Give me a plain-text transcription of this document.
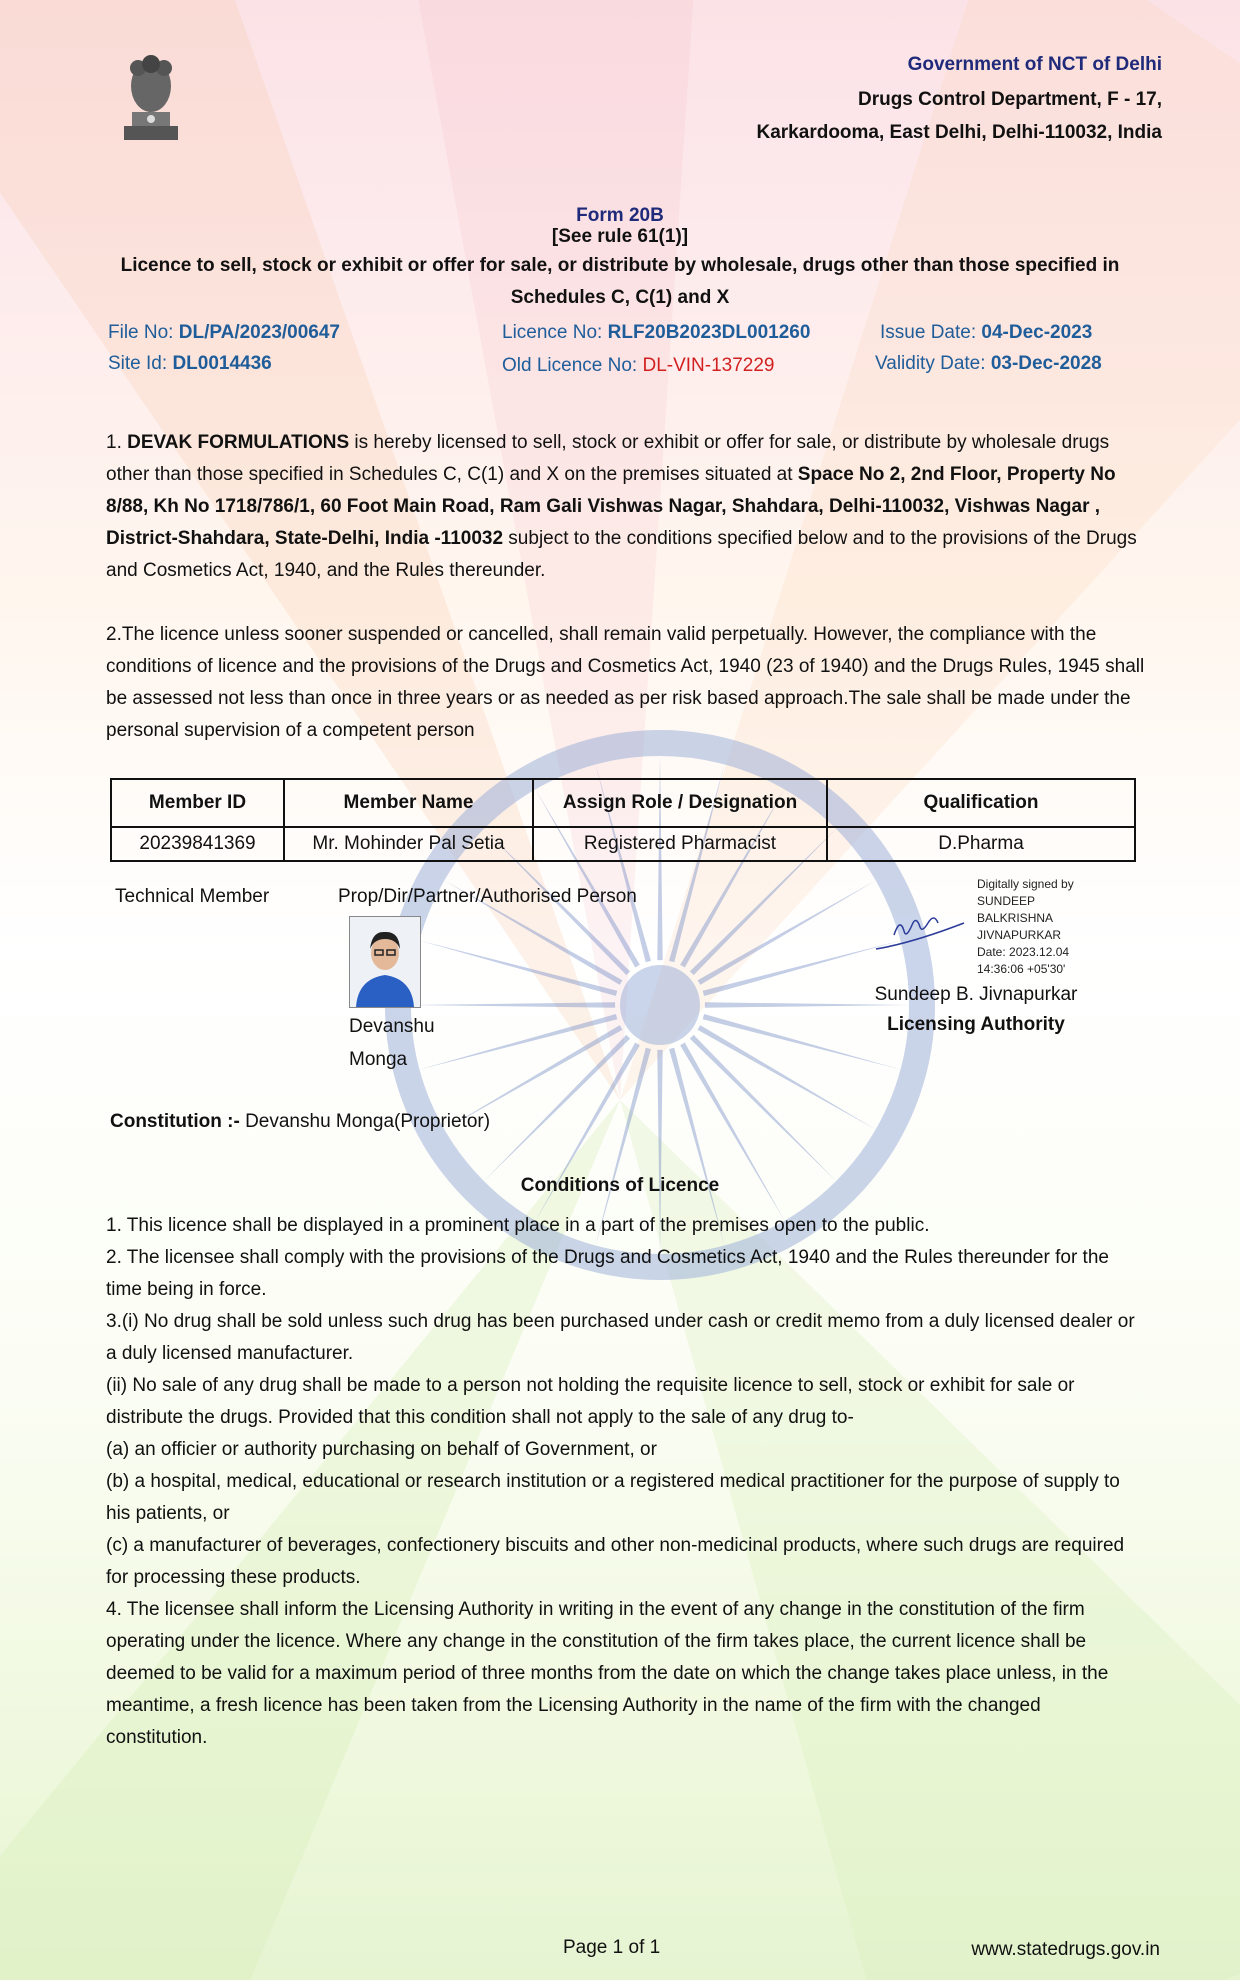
Government of NCT of Delhi
Drugs Control Department, F - 17,
Karkardooma, East Delhi, Delhi-110032, India
Form 20B
[See rule 61(1)]
Licence to sell, stock or exhibit or offer for sale, or distribute by wholesale, drugs other than those specified in Schedules C, C(1) and X
File No: DL/PA/2023/00647
Site Id: DL0014436
Licence No: RLF20B2023DL001260
Old Licence No: DL-VIN-137229
Issue Date: 04-Dec-2023
Validity Date: 03-Dec-2028
1. DEVAK FORMULATIONS is hereby licensed to sell, stock or exhibit or offer for sale, or distribute by wholesale drugs other than those specified in Schedules C, C(1) and X on the premises situated at Space No 2, 2nd Floor, Property No 8/88, Kh No 1718/786/1, 60 Foot Main Road, Ram Gali Vishwas Nagar, Shahdara, Delhi-110032, Vishwas Nagar , District-Shahdara, State-Delhi, India -110032 subject to the conditions specified below and to the provisions of the Drugs and Cosmetics Act, 1940, and the Rules thereunder.
2.The licence unless sooner suspended or cancelled, shall remain valid perpetually. However, the compliance with the conditions of licence and the provisions of the Drugs and Cosmetics Act, 1940 (23 of 1940) and the Drugs Rules, 1945 shall be assessed not less than once in three years or as needed as per risk based approach.The sale shall be made under the personal supervision of a competent person
Member ID	Member Name	Assign Role / Designation	Qualification
20239841369	Mr. Mohinder Pal Setia	Registered Pharmacist	D.Pharma
Technical Member	Prop/Dir/Partner/Authorised Person
Devanshu
Monga
Digitally signed by
SUNDEEP
BALKRISHNA
JIVNAPURKAR
Date: 2023.12.04
14:36:06 +05'30'
Sundeep B. Jivnapurkar
Licensing Authority
Constitution :- Devanshu Monga(Proprietor)
Conditions of Licence
1. This licence shall be displayed in a prominent place in a part of the premises open to the public.
2. The licensee shall comply with the provisions of the Drugs and Cosmetics Act, 1940 and the Rules thereunder for the time being in force.
3.(i) No drug shall be sold unless such drug has been purchased under cash or credit memo from a duly licensed dealer or a duly licensed manufacturer.
(ii) No sale of any drug shall be made to a person not holding the requisite licence to sell, stock or exhibit for sale or distribute the drugs. Provided that this condition shall not apply to the sale of any drug to-
(a) an officier or authority purchasing on behalf of Government, or
(b) a hospital, medical, educational or research institution or a registered medical practitioner for the purpose of supply to his patients, or
(c) a manufacturer of beverages, confectionery biscuits and other non-medicinal products, where such drugs are required for processing these products.
4. The licensee shall inform the Licensing Authority in writing in the event of any change in the constitution of the firm operating under the licence. Where any change in the constitution of the firm takes place, the current licence shall be deemed to be valid for a maximum period of three months from the date on which the change takes place unless, in the meantime, a fresh licence has been taken from the Licensing Authority in the name of the firm with the changed constitution.
Page 1 of 1	www.statedrugs.gov.in
